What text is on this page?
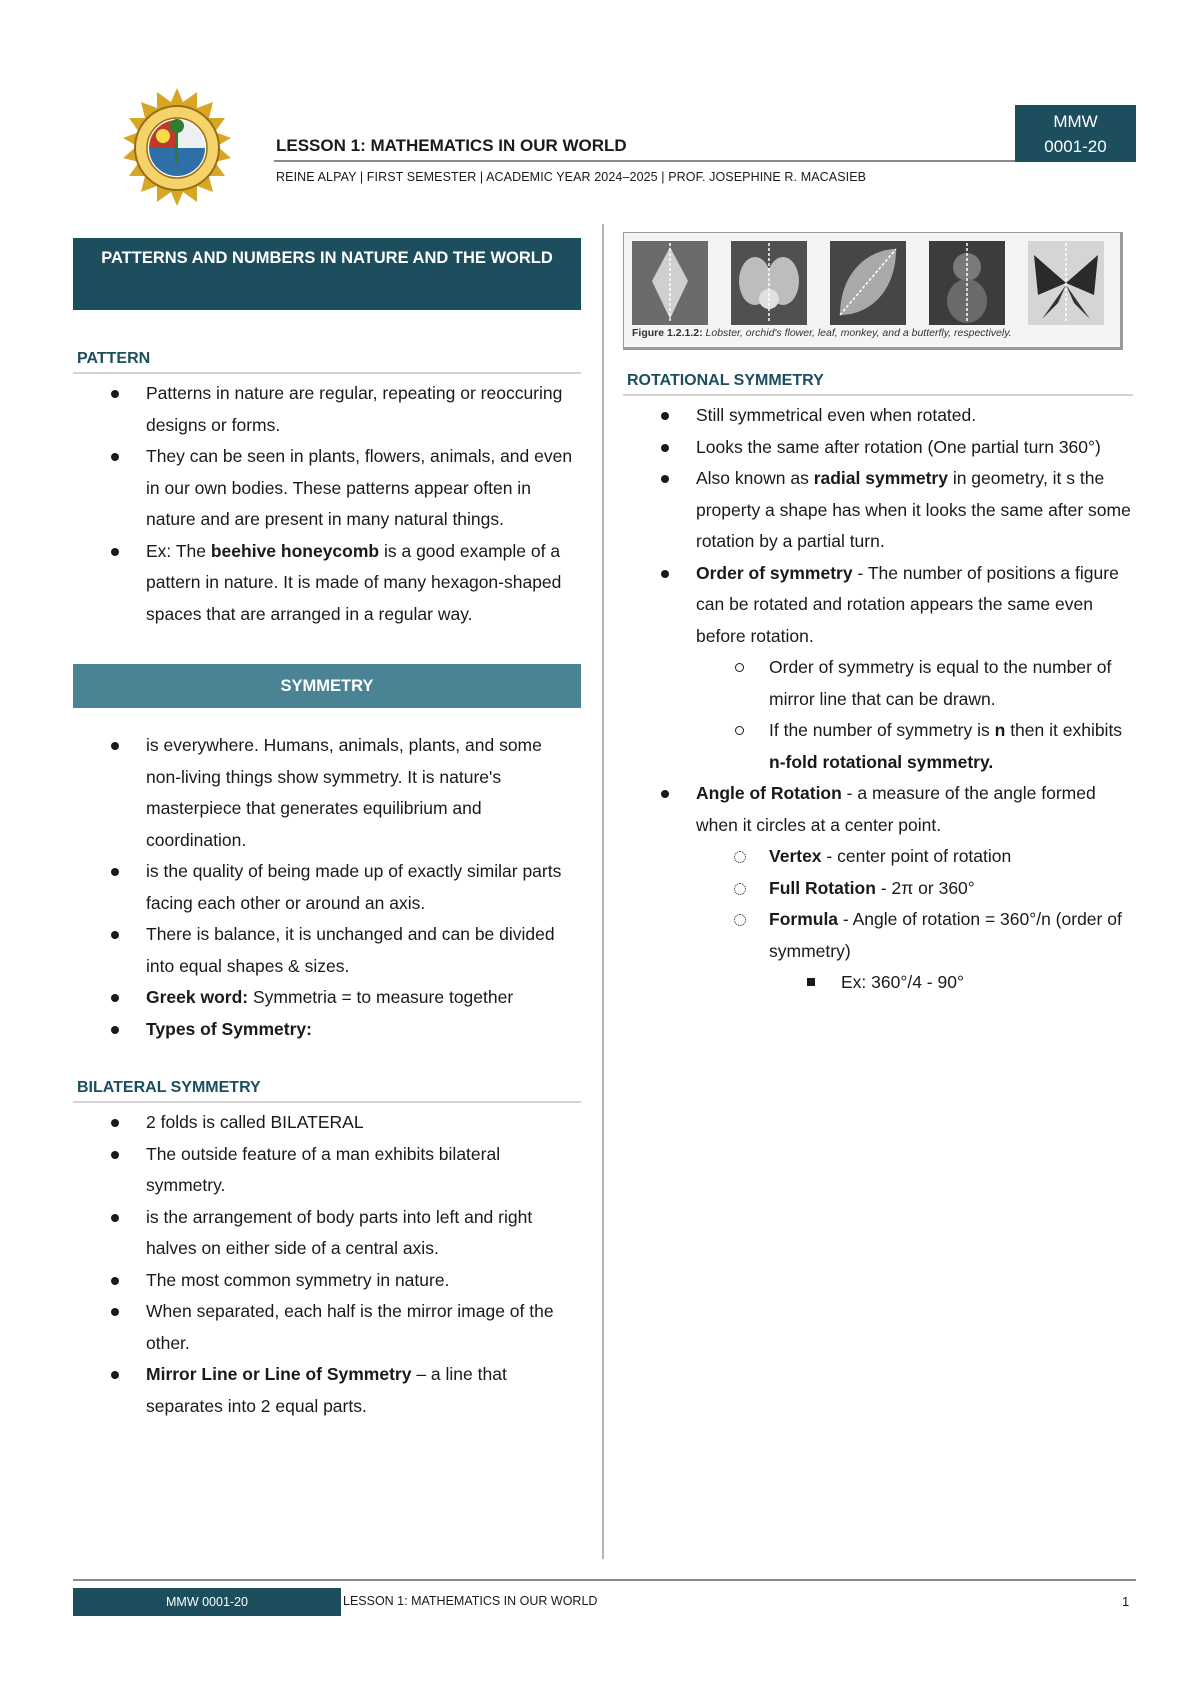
LESSON 1: MATHEMATICS IN OUR WORLD
REINE ALPAY | FIRST SEMESTER | ACADEMIC YEAR 2024–2025 | PROF. JOSEPHINE R. MACASIEB
MMW
0001-20
PATTERNS AND NUMBERS IN NATURE AND THE WORLD
PATTERN
Patterns in nature are regular, repeating or reoccuring designs or forms.
They can be seen in plants, flowers, animals, and even in our own bodies. These patterns appear often in nature and are present in many natural things.
Ex: The beehive honeycomb is a good example of a pattern in nature. It is made of many hexagon-shaped spaces that are arranged in a regular way.
SYMMETRY
is everywhere. Humans, animals, plants, and some non-living things show symmetry. It is nature's masterpiece that generates equilibrium and coordination.
is the quality of being made up of exactly similar parts facing each other or around an axis.
There is balance, it is unchanged and can be divided into equal shapes & sizes.
Greek word: Symmetria = to measure together
Types of Symmetry:
BILATERAL SYMMETRY
2 folds is called BILATERAL
The outside feature of a man exhibits bilateral symmetry.
is the arrangement of body parts into left and right halves on either side of a central axis.
The most common symmetry in nature.
When separated, each half is the mirror image of the other.
Mirror Line or Line of Symmetry – a line that separates into 2 equal parts.
Figure 1.2.1.2: Lobster, orchid's flower, leaf, monkey, and a butterfly, respectively.
ROTATIONAL SYMMETRY
Still symmetrical even when rotated.
Looks the same after rotation (One partial turn 360°)
Also known as radial symmetry in geometry, it s the property a shape has when it looks the same after some rotation by a partial turn.
Order of symmetry - The number of positions a figure can be rotated and rotation appears the same even before rotation.
Order of symmetry is equal to the number of mirror line that can be drawn.
If the number of symmetry is n then it exhibits n-fold rotational symmetry.
Angle of Rotation - a measure of the angle formed when it circles at a center point.
Vertex - center point of rotation
Full Rotation - 2π or 360°
Formula - Angle of rotation = 360°/n (order of symmetry)
Ex: 360°/4 - 90°
MMW 0001-20	LESSON 1: MATHEMATICS IN OUR WORLD	1
